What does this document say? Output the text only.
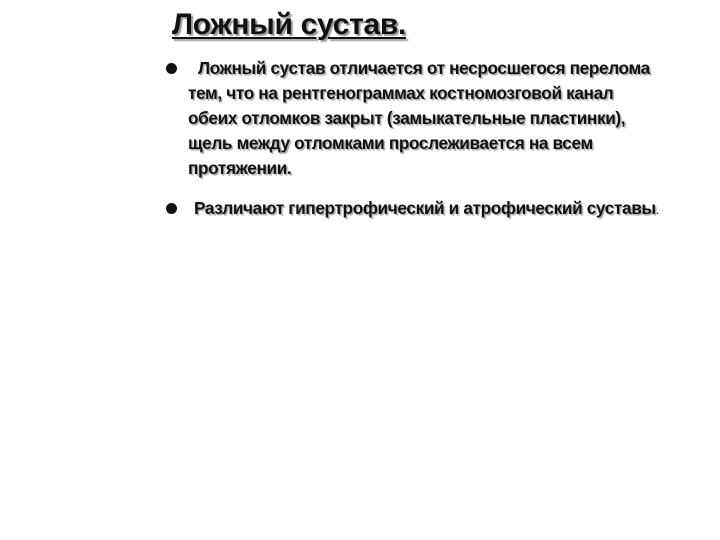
Ложный сустав.
Ложный сустав отличается от несросшегося перелома
тем, что на рентгенограммах костномозговой канал
обеих отломков закрыт (замыкательные пластинки),
щель между отломками прослеживается на всем
протяжении.
Различают гипертрофический и атрофический суставы.
